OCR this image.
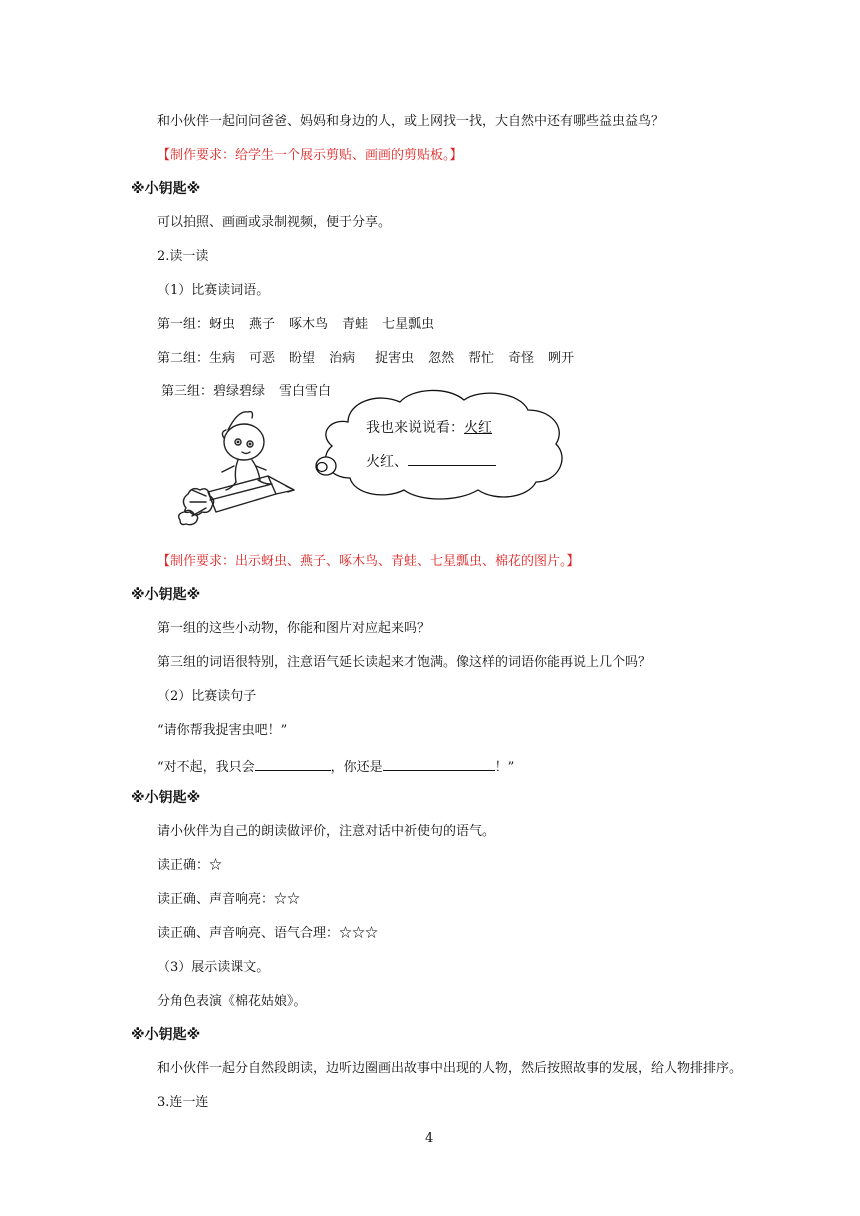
和小伙伴一起问问爸爸、妈妈和身边的人，或上网找一找，大自然中还有哪些益虫益鸟？
【制作要求：给学生一个展示剪贴、画画的剪贴板。】
※小钥匙※
可以拍照、画画或录制视频，便于分享。
2.读一读
（1）比赛读词语。
第一组：蚜虫 燕子 啄木鸟 青蛙 七星瓢虫
第二组：生病 可恶 盼望 治病 捉害虫 忽然 帮忙 奇怪 咧开
第三组：碧绿碧绿 雪白雪白
我也来说说看：火红
火红、
【制作要求：出示蚜虫、燕子、啄木鸟、青蛙、七星瓢虫、棉花的图片。】
※小钥匙※
第一组的这些小动物，你能和图片对应起来吗？
第三组的词语很特别，注意语气延长读起来才饱满。像这样的词语你能再说上几个吗？
（2）比赛读句子
“请你帮我捉害虫吧！”
“对不起，我只会	，你还是	！”
※小钥匙※
请小伙伴为自己的朗读做评价，注意对话中祈使句的语气。
读正确：☆
读正确、声音响亮：☆☆
读正确、声音响亮、语气合理：☆☆☆
（3）展示读课文。
分角色表演《棉花姑娘》。
※小钥匙※
和小伙伴一起分自然段朗读，边听边圈画出故事中出现的人物，然后按照故事的发展，给人物排排序。
3.连一连
4
